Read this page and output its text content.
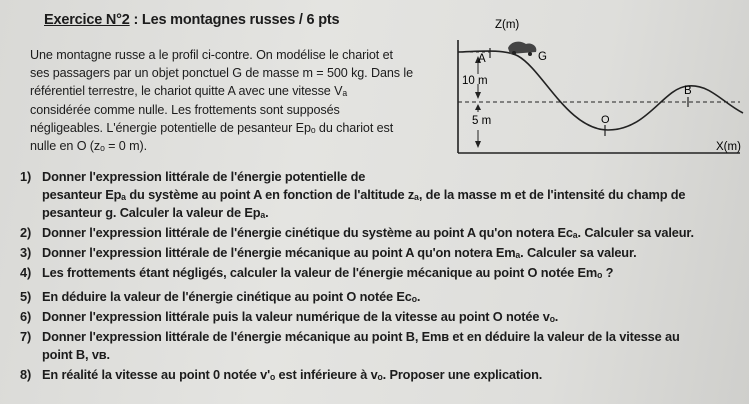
Exercice N°2 : Les montagnes russes / 6 pts

Une montagne russe a le profil ci-contre. On modélise le chariot et

ses passagers par un objet ponctuel G de masse m = 500 kg. Dans le

référentiel terrestre, le chariot quitte A avec une vitesse Vₐ

considérée comme nulle. Les frottements sont supposés

négligeables. L'énergie potentielle de pesanteur Epₒ du chariot est

nulle en O (zₒ = 0 m).

Z(m)
X(m)
10 m
5 m
A	G
B
O
1) Donner l'expression littérale de l'énergie potentielle de
pesanteur Epₐ du système au point A en fonction de l'altitude zₐ, de la masse m et de l'intensité du champ de
pesanteur g. Calculer la valeur de Epₐ.
2) Donner l'expression littérale de l'énergie cinétique du système au point A qu'on notera Ecₐ. Calculer sa valeur.
3) Donner l'expression littérale de l'énergie mécanique au point A qu'on notera Emₐ. Calculer sa valeur.
4) Les frottements étant négligés, calculer la valeur de l'énergie mécanique au point O notée Emₒ ?
5) En déduire la valeur de l'énergie cinétique au point O notée Ecₒ.
6) Donner l'expression littérale puis la valeur numérique de la vitesse au point O notée vₒ.
7) Donner l'expression littérale de l'énergie mécanique au point B, Emʙ et en déduire la valeur de la vitesse au
point B, vʙ.
8) En réalité la vitesse au point 0 notée v'ₒ est inférieure à vₒ. Proposer une explication.
